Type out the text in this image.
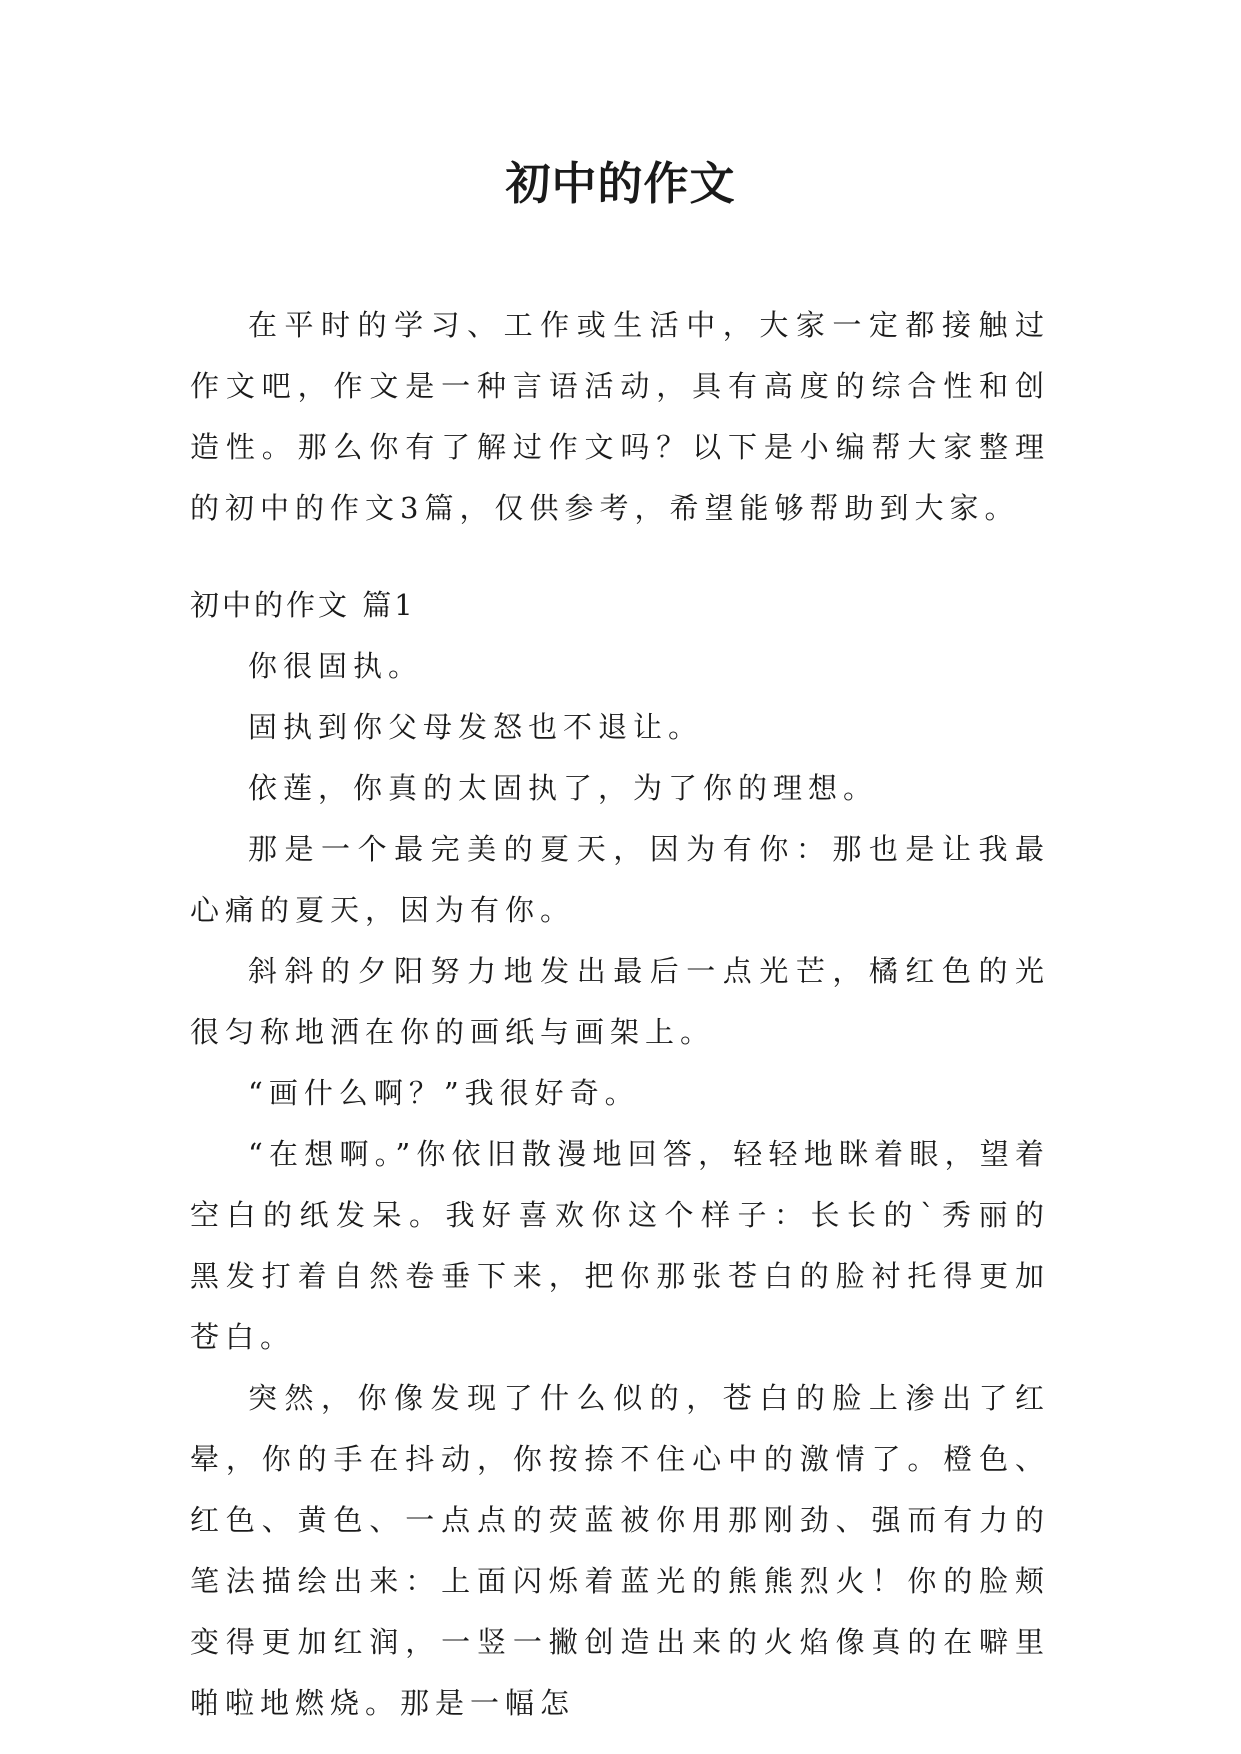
初中的作文

在平时的学习、工作或生活中，大家一定都接触过作文吧，作文是一种言语活动，具有高度的综合性和创造性。那么你有了解过作文吗？以下是小编帮大家整理的初中的作文3篇，仅供参考，希望能够帮助到大家。

初中的作文 篇1

你很固执。

固执到你父母发怒也不退让。

依莲，你真的太固执了，为了你的理想。

那是一个最完美的夏天，因为有你：那也是让我最心痛的夏天，因为有你。

斜斜的夕阳努力地发出最后一点光芒，橘红色的光很匀称地洒在你的画纸与画架上。

“画什么啊？”我很好奇。

“在想啊。”你依旧散漫地回答，轻轻地眯着眼，望着空白的纸发呆。我好喜欢你这个样子：长长的`秀丽的黑发打着自然卷垂下来，把你那张苍白的脸衬托得更加苍白。

突然，你像发现了什么似的，苍白的脸上渗出了红晕，你的手在抖动，你按捺不住心中的激情了。橙色、红色、黄色、一点点的荧蓝被你用那刚劲、强而有力的笔法描绘出来：上面闪烁着蓝光的熊熊烈火！你的脸颊变得更加红润，一竖一撇创造出来的火焰像真的在噼里啪啦地燃烧。那是一幅怎
